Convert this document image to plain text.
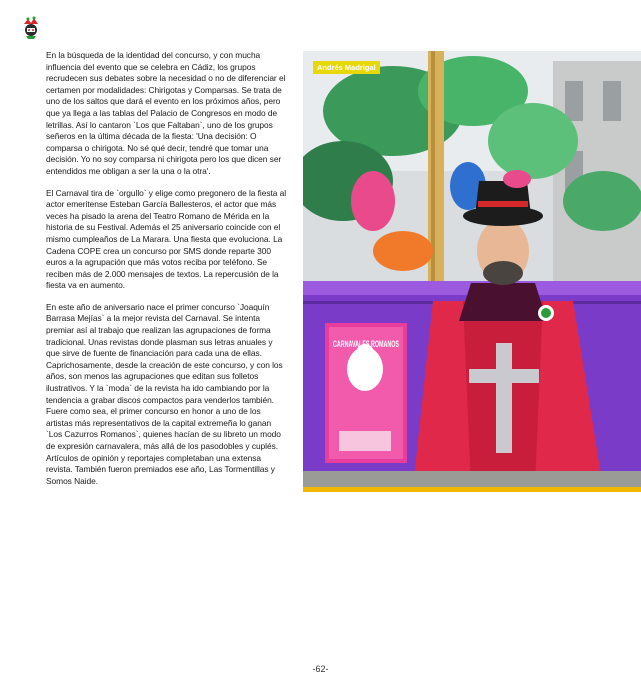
En la búsqueda de la identidad del concurso, y con mucha influencia del evento que se celebra en Cádiz, los grupos recrudecen sus debates sobre la necesidad o no de diferenciar el certamen por modalidades: Chirigotas y Comparsas. Se trata de uno de los saltos que dará el evento en los próximos años, pero que ya llega a las tablas del Palacio de Congresos en modo de letrillas. Así lo cantaron `Los que Faltaban`, uno de los grupos señeros en la última década de la fiesta: 'Una decisión: O comparsa o chirigota. No sé qué decir, tendré que tomar una decisión. Yo no soy comparsa ni chirigota pero los que dicen ser entendidos me obligan a ser la una o la otra'.

El Carnaval tira de `orgullo` y elige como pregonero de la fiesta al actor emeritense Esteban García Ballesteros, el actor que más veces ha pisado la arena del Teatro Romano de Mérida en la historia de su Festival. Además el 25 aniversario coincide con el mismo cumpleaños de La Marara. Una fiesta que evoluciona. La Cadena COPE crea un concurso por SMS donde reparte 300 euros a la agrupación que más votos reciba por teléfono. Se reciben más de 2.000 mensajes de textos. La repercusión de la fiesta va en aumento.

En este año de aniversario nace el primer concurso `Joaquín Barrasa Mejías` a la mejor revista del Carnaval. Se intenta premiar así al trabajo que realizan las agrupaciones de forma tradicional. Unas revistas donde plasman sus letras anuales y que sirve de fuente de financiación para cada una de ellas. Caprichosamente, desde la creación de este concurso, y con los años, son menos las agrupaciones que editan sus folletos ilustrativos. Y la `moda` de la revista ha ido cambiando por la tendencia a grabar discos compactos para venderlos también. Fuere como sea, el primer concurso en honor a uno de los artistas más representativos de la capital extremeña lo ganan `Los Cazurros Romanos`, quienes hacían de su libreto un modo de expresión carnavalera, más allá de los pasodobles y cuplés. Artículos de opinión y reportajes completaban una extensa revista. También fueron premiados ese año, Las Tormentillas y Somos Naide.

CARNAVALES ROMANOS
Andrés Madrigal
-62-
